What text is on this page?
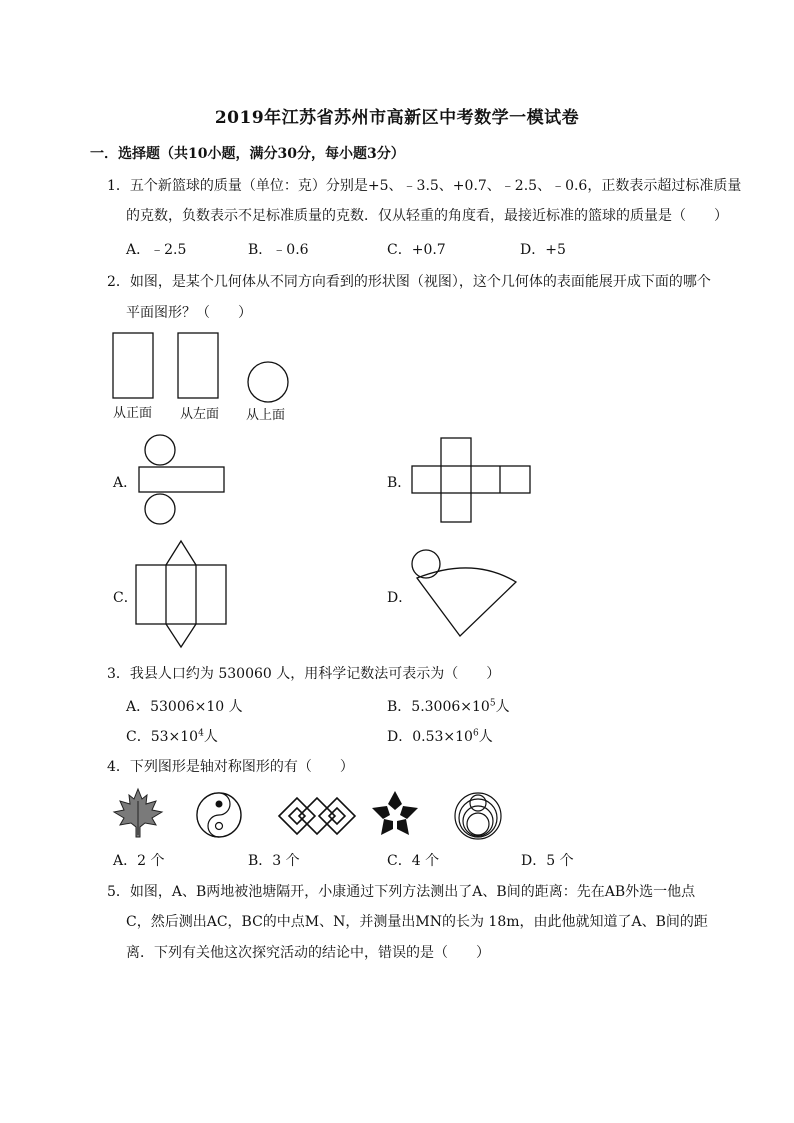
2019年江苏省苏州市高新区中考数学一模试卷
一．选择题（共10小题，满分30分，每小题3分）
1．五个新篮球的质量（单位：克）分别是+5、﹣3.5、+0.7、﹣2.5、﹣0.6，正数表示超过标准质量
的克数，负数表示不足标准质量的克数．仅从轻重的角度看，最接近标准的篮球的质量是（　　）
A．﹣2.5	B．﹣0.6	C．+0.7	D．+5
2．如图，是某个几何体从不同方向看到的形状图（视图），这个几何体的表面能展开成下面的哪个
平面图形？（　　）
从正面 从左面 从上面
A．	B．
C．	D．
3．我县人口约为 530060 人，用科学记数法可表示为（　　）
A．53006×10 人	B．$5.3006\times 10^5$人
C．$53\times 10^4$人	D．$0.53\times 10^6$人
4．下列图形是轴对称图形的有（　　）
A．2 个	B．3 个	C．4 个	D．5 个
5．如图，A、B两地被池塘隔开，小康通过下列方法测出了A、B间的距离：先在AB外选一他点
C，然后测出AC，BC的中点M、N，并测量出MN的长为 18m，由此他就知道了A、B间的距
离．下列有关他这次探究活动的结论中，错误的是（　　）
